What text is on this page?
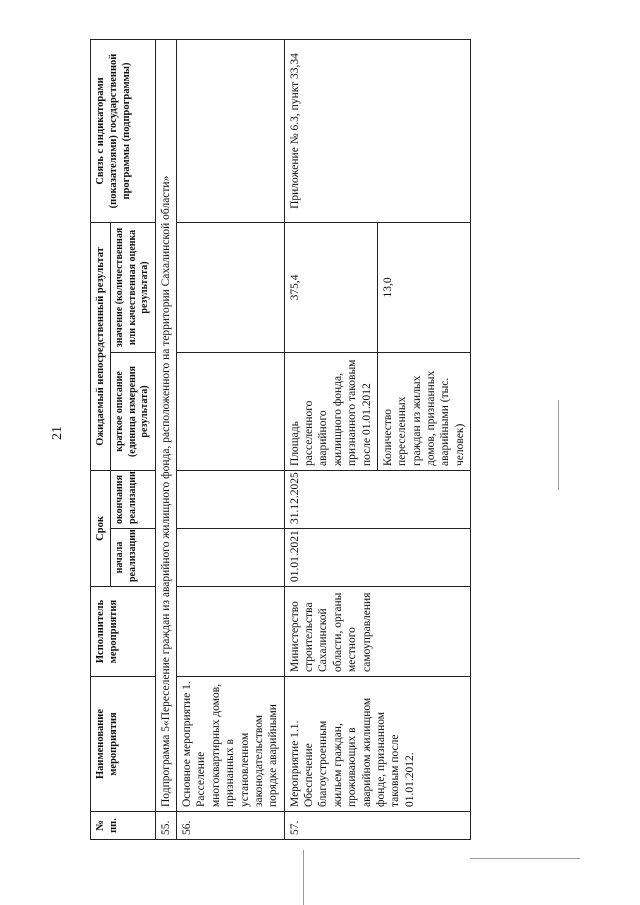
21
№ пп.	Наименование мероприятия	Исполнитель мероприятия	Срок		Ожидаемый непосредственный результат		Связь с индикаторами (показателями) государственной программы (подпрограммы)
			начала реализации	окончания реализации	краткое описание (единица измерения результата)	значение (количественная или качественная оценка результата)	
55.	Подпрограмма 5«Переселение граждан из аварийного жилищного фонда, расположенного на территории Сахалинской области»						
56.	Основное мероприятие 1. Расселение многоквартирных домов, признанных в установленном законодательством порядке аварийными						
57.	Мероприятие 1.1. Обеспечение благоустроенным жильем граждан, проживающих в аварийном жилищном фонде, признанном таковым после 01.01.2012.	Министерство строительства Сахалинской области, органы местного самоуправления	01.01.2021	31.12.2025	Площадь расселенного аварийного жилищного фонда, признанного таковым после 01.01.2012	375,4	Приложение № 6.3, пункт 33,34
					Количество переселенных граждан из жилых домов, признанных аварийными (тыс. человек)	13,0	
